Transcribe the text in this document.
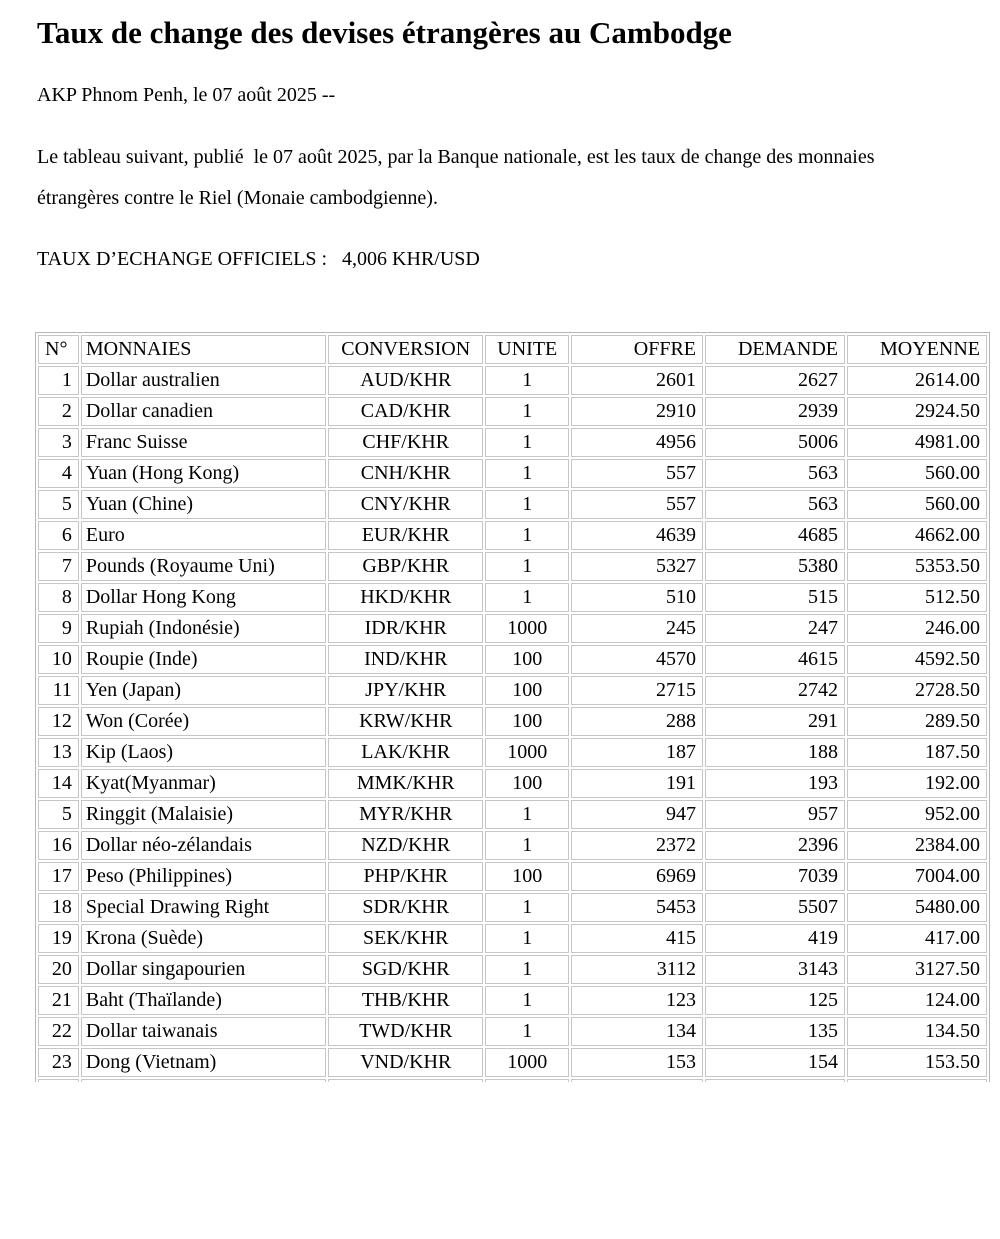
Taux de change des devises étrangères au Cambodge

AKP Phnom Penh, le 07 août 2025 --

Le tableau suivant, publié  le 07 août 2025, par la Banque nationale, est les taux de change des monnaies étrangères contre le Riel (Monaie cambodgienne).

TAUX D’ECHANGE OFFICIELS :   4,006 KHR/USD

N°	MONNAIES	CONVERSION	UNITE	OFFRE	DEMANDE	MOYENNE
1	Dollar australien	AUD/KHR	1	2601	2627	2614.00
2	Dollar canadien	CAD/KHR	1	2910	2939	2924.50
3	Franc Suisse	CHF/KHR	1	4956	5006	4981.00
4	Yuan (Hong Kong)	CNH/KHR	1	557	563	560.00
5	Yuan (Chine)	CNY/KHR	1	557	563	560.00
6	Euro	EUR/KHR	1	4639	4685	4662.00
7	Pounds (Royaume Uni)	GBP/KHR	1	5327	5380	5353.50
8	Dollar Hong Kong	HKD/KHR	1	510	515	512.50
9	Rupiah (Indonésie)	IDR/KHR	1000	245	247	246.00
10	Roupie (Inde)	IND/KHR	100	4570	4615	4592.50
11	Yen (Japan)	JPY/KHR	100	2715	2742	2728.50
12	Won (Corée)	KRW/KHR	100	288	291	289.50
13	Kip (Laos)	LAK/KHR	1000	187	188	187.50
14	Kyat(Myanmar)	MMK/KHR	100	191	193	192.00
5	Ringgit (Malaisie)	MYR/KHR	1	947	957	952.00
16	Dollar néo-zélandais	NZD/KHR	1	2372	2396	2384.00
17	Peso (Philippines)	PHP/KHR	100	6969	7039	7004.00
18	Special Drawing Right	SDR/KHR	1	5453	5507	5480.00
19	Krona (Suède)	SEK/KHR	1	415	419	417.00
20	Dollar singapourien	SGD/KHR	1	3112	3143	3127.50
21	Baht (Thaïlande)	THB/KHR	1	123	125	124.00
22	Dollar taiwanais	TWD/KHR	1	134	135	134.50
23	Dong (Vietnam)	VND/KHR	1000	153	154	153.50
